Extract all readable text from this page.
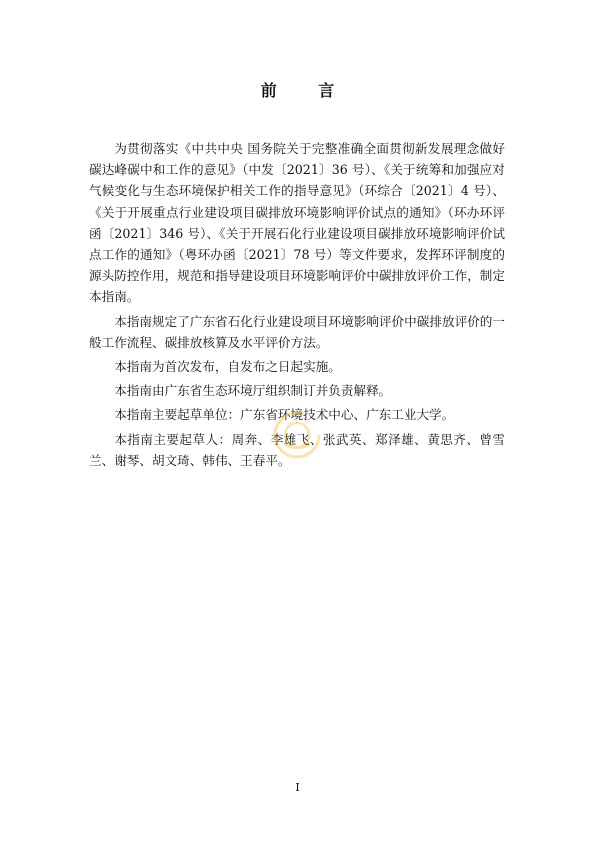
前 言

为贯彻落实《中共中央 国务院关于完整准确全面贯彻新发展理念做好碳达峰碳中和工作的意见》（中发〔2021〕36 号）、《关于统筹和加强应对气候变化与生态环境保护相关工作的指导意见》（环综合〔2021〕4 号）、《关于开展重点行业建设项目碳排放环境影响评价试点的通知》（环办环评函〔2021〕346 号）、《关于开展石化行业建设项目碳排放环境影响评价试点工作的通知》（粤环办函〔2021〕78 号）等文件要求，发挥环评制度的源头防控作用，规范和指导建设项目环境影响评价中碳排放评价工作，制定本指南。

本指南规定了广东省石化行业建设项目环境影响评价中碳排放评价的一般工作流程、碳排放核算及水平评价方法。

本指南为首次发布，自发布之日起实施。

本指南由广东省生态环境厅组织制订并负责解释。

本指南主要起草单位：广东省环境技术中心、广东工业大学。

本指南主要起草人：周奔、李雄飞、张武英、郑泽雄、黄思齐、曾雪兰、谢琴、胡文琦、韩伟、王春平。

I
